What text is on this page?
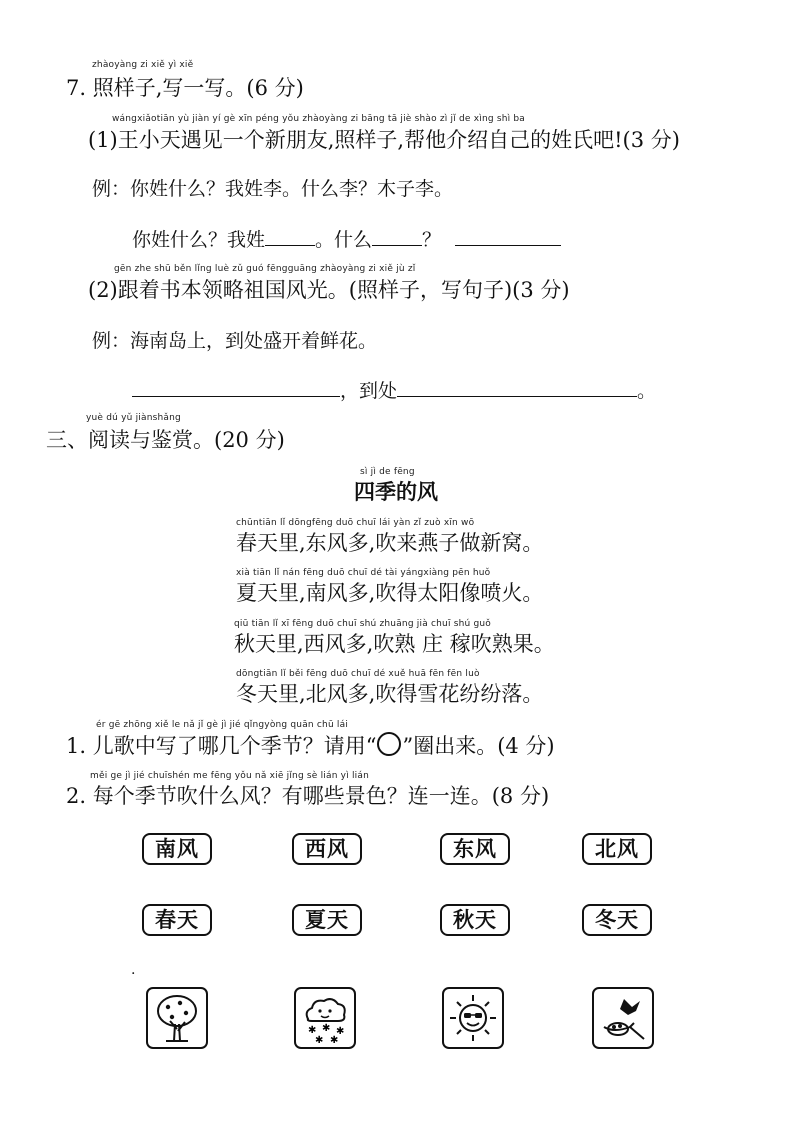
zhàoyàng zi xiě yì xiě
7. 照样子,写一写。(6 分)
wángxiǎotiān yù jiàn yí gè xīn péng yǒu zhàoyàng zi bāng tā jiè shào zì jǐ de xìng shì ba
(1)王小天遇见一个新朋友,照样子,帮他介绍自己的姓氏吧!(3 分)
例：你姓什么？我姓李。什么李？木子李。
你姓什么？我姓	。什么	？
gēn zhe shū běn lǐng luè zǔ guó fēngguāng zhàoyàng zi xiě jù zǐ
(2)跟着书本领略祖国风光。(照样子，写句子)(3 分)
例：海南岛上，到处盛开着鲜花。
，到处	。
yuè dú yǔ jiànshǎng
三、阅读与鉴赏。(20 分)
sì jì de fēng
四季的风
chūntiān lǐ dōngfēng duō chuī lái yàn zǐ zuò xīn wō
春天里,东风多,吹来燕子做新窝。
xià tiān lǐ nán fēng duō chuī dé tài yángxiàng pēn huǒ
夏天里,南风多,吹得太阳像喷火。
qiū tiān lǐ xī fēng duō chuī shú zhuāng jià chuī shú guǒ
秋天里,西风多,吹熟 庄 稼吹熟果。
dōngtiān lǐ běi fēng duō chuī dé xuě huā fēn fēn luò
冬天里,北风多,吹得雪花纷纷落。
ér gē zhōng xiě le nǎ jǐ gè jì jié qǐngyòng quān chū lái
1. 儿歌中写了哪几个季节？请用“ ”圈出来。(4 分)
měi ge jì jié chuīshén me fēng yǒu nǎ xiē jǐng sè lián yì lián
2. 每个季节吹什么风？有哪些景色？连一连。(8 分)
南风	西风	东风	北风
春天	夏天	秋天	冬天
.
✱ ✱ ✱
✱ ✱
